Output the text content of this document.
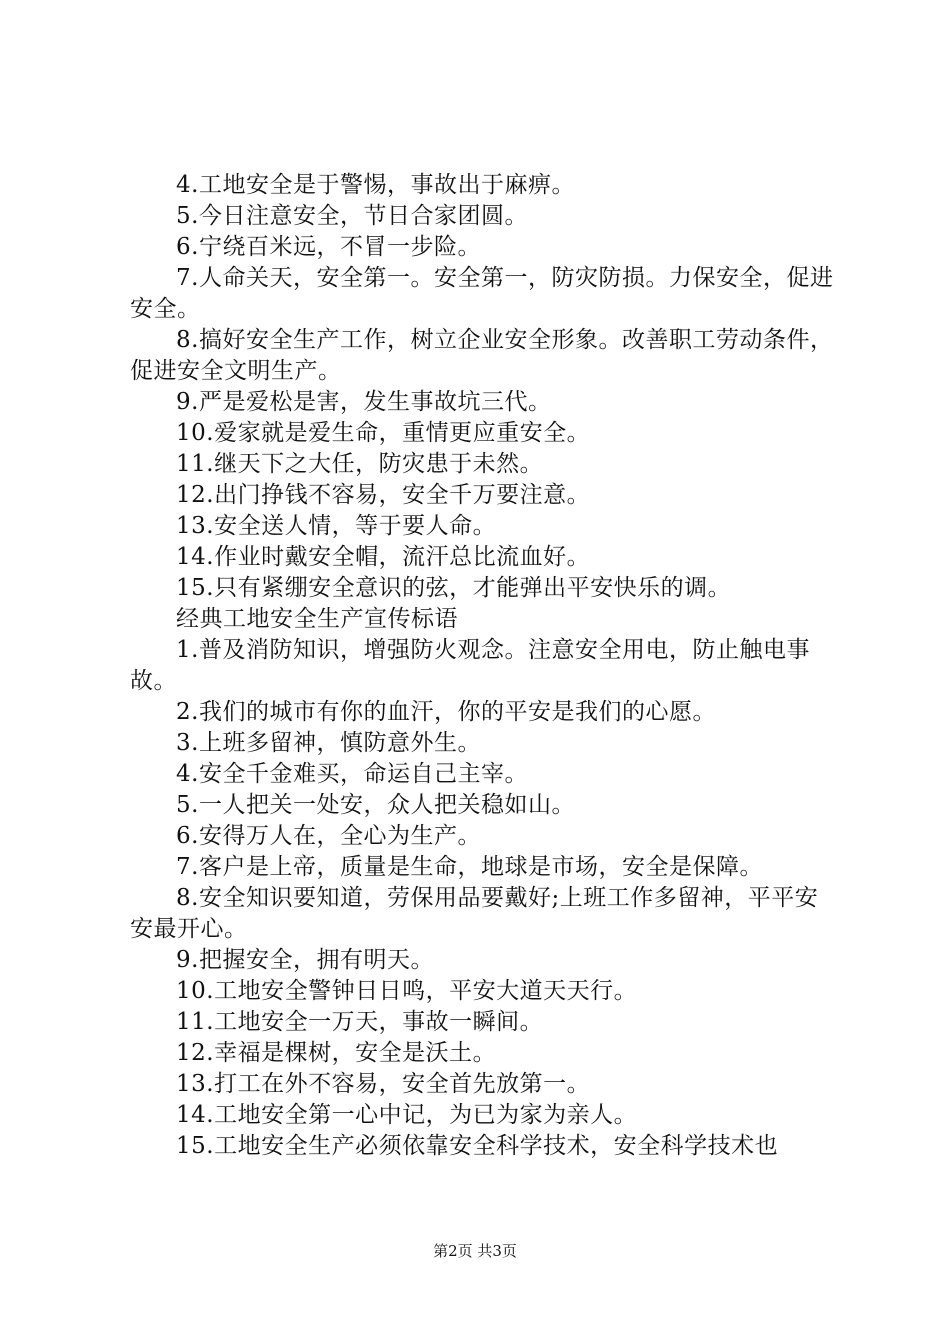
4.工地安全是于警惕，事故出于麻痹。

5.今日注意安全，节日合家团圆。

6.宁绕百米远，不冒一步险。

7.人命关天，安全第一。安全第一，防灾防损。力保安全，促进安全。

8.搞好安全生产工作，树立企业安全形象。改善职工劳动条件，促进安全文明生产。

9.严是爱松是害，发生事故坑三代。

10.爱家就是爱生命，重情更应重安全。

11.继天下之大任，防灾患于未然。

12.出门挣钱不容易，安全千万要注意。

13.安全送人情，等于要人命。

14.作业时戴安全帽，流汗总比流血好。

15.只有紧绷安全意识的弦，才能弹出平安快乐的调。

经典工地安全生产宣传标语

1.普及消防知识，增强防火观念。注意安全用电，防止触电事故。

2.我们的城市有你的血汗，你的平安是我们的心愿。

3.上班多留神，慎防意外生。

4.安全千金难买，命运自己主宰。

5.一人把关一处安，众人把关稳如山。

6.安得万人在，全心为生产。

7.客户是上帝，质量是生命，地球是市场，安全是保障。

8.安全知识要知道，劳保用品要戴好;上班工作多留神，平平安安最开心。

9.把握安全，拥有明天。

10.工地安全警钟日日鸣，平安大道天天行。

11.工地安全一万天，事故一瞬间。

12.幸福是棵树，安全是沃土。

13.打工在外不容易，安全首先放第一。

14.工地安全第一心中记，为已为家为亲人。

15.工地安全生产必须依靠安全科学技术，安全科学技术也

第2页 共3页
